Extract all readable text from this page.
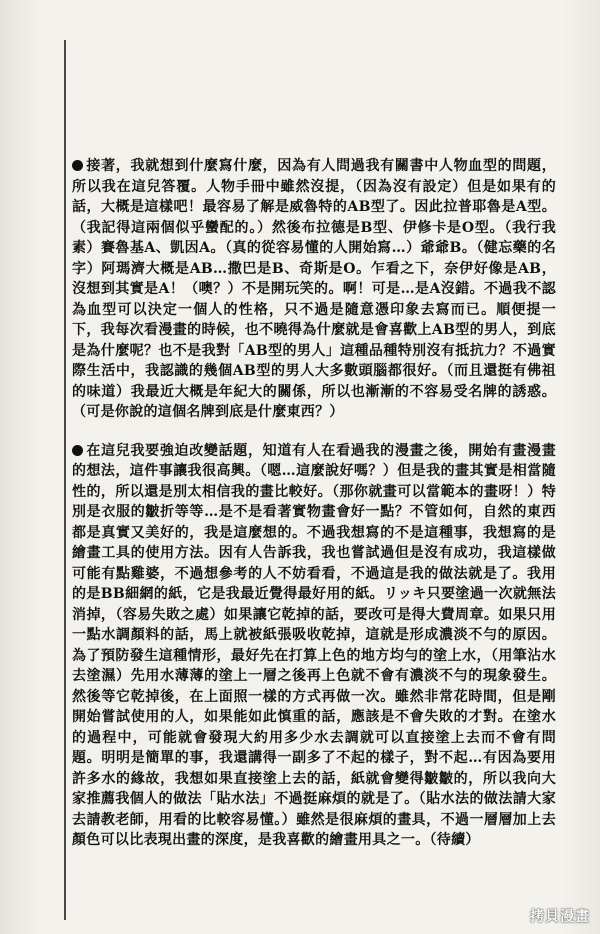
接著，我就想到什麼寫什麼，因為有人問過我有關書中人物血型的問題，所以我在這兒答覆。人物手冊中雖然沒提，（因為沒有設定）但是如果有的話，大概是這樣吧！最容易了解是威魯特的AB型了。因此拉普耶魯是A型。（我記得這兩個似乎蠻配的。）然後布拉德是B型、伊修卡是O型。（我行我素）賽魯基A、凱因A。（真的從容易懂的人開始寫…）爺爺B。（健忘藥的名字）阿瑪濟大概是AB…撒巴是B、奇斯是O。乍看之下，奈伊好像是AB，沒想到其實是A！（噢？）不是開玩笑的。啊！可是…是A沒錯。不過我不認為血型可以決定一個人的性格，只不過是隨意憑印象去寫而已。順便提一下，我每次看漫畫的時候，也不曉得為什麼就是會喜歡上AB型的男人，到底是為什麼呢？也不是我對「AB型的男人」這種品種特別沒有抵抗力？不過實際生活中，我認識的幾個AB型的男人大多數頭腦都很好。（而且還挺有佛祖的味道）我最近大概是年紀大的關係，所以也漸漸的不容易受名牌的誘惑。（可是你說的這個名牌到底是什麼東西？）

在這兒我要強迫改變話題，知道有人在看過我的漫畫之後，開始有畫漫畫的想法，這件事讓我很高興。（嗯…這麼說好嗎？）但是我的畫其實是相當隨性的，所以還是別太相信我的畫比較好。（那你就畫可以當範本的畫呀！）特別是衣服的皺折等等…是不是看著實物畫會好一點？不管如何，自然的東西都是真實又美好的，我是這麼想的。不過我想寫的不是這種事，我想寫的是繪畫工具的使用方法。因有人告訴我，我也嘗試過但是沒有成功，我這樣做可能有點雞婆，不過想參考的人不妨看看，不過這是我的做法就是了。我用的是BB細網的紙，它是我最近覺得最好用的紙。リッキ只要塗過一次就無法消掉，（容易失敗之處）如果讓它乾掉的話，要改可是得大費周章。如果只用一點水調顏料的話，馬上就被紙張吸收乾掉，這就是形成濃淡不勻的原因。為了預防發生這種情形，最好先在打算上色的地方均勻的塗上水，（用筆沾水去塗濕）先用水薄薄的塗上一層之後再上色就不會有濃淡不勻的現象發生。然後等它乾掉後，在上面照一樣的方式再做一次。雖然非常花時間，但是剛開始嘗試使用的人，如果能如此慎重的話，應該是不會失敗的才對。在塗水的過程中，可能就會發現大約用多少水去調就可以直接塗上去而不會有問題。明明是簡單的事，我還講得一副多了不起的樣子，對不起…有因為要用許多水的緣故，我想如果直接塗上去的話，紙就會變得皺皺的，所以我向大家推薦我個人的做法「貼水法」不過挺麻煩的就是了。（貼水法的做法請大家去請教老師，用看的比較容易懂。）雖然是很麻煩的畫具，不過一層層加上去顏色可以比表現出畫的深度，是我喜歡的繪畫用具之一。（待續）

拷貝漫畫
